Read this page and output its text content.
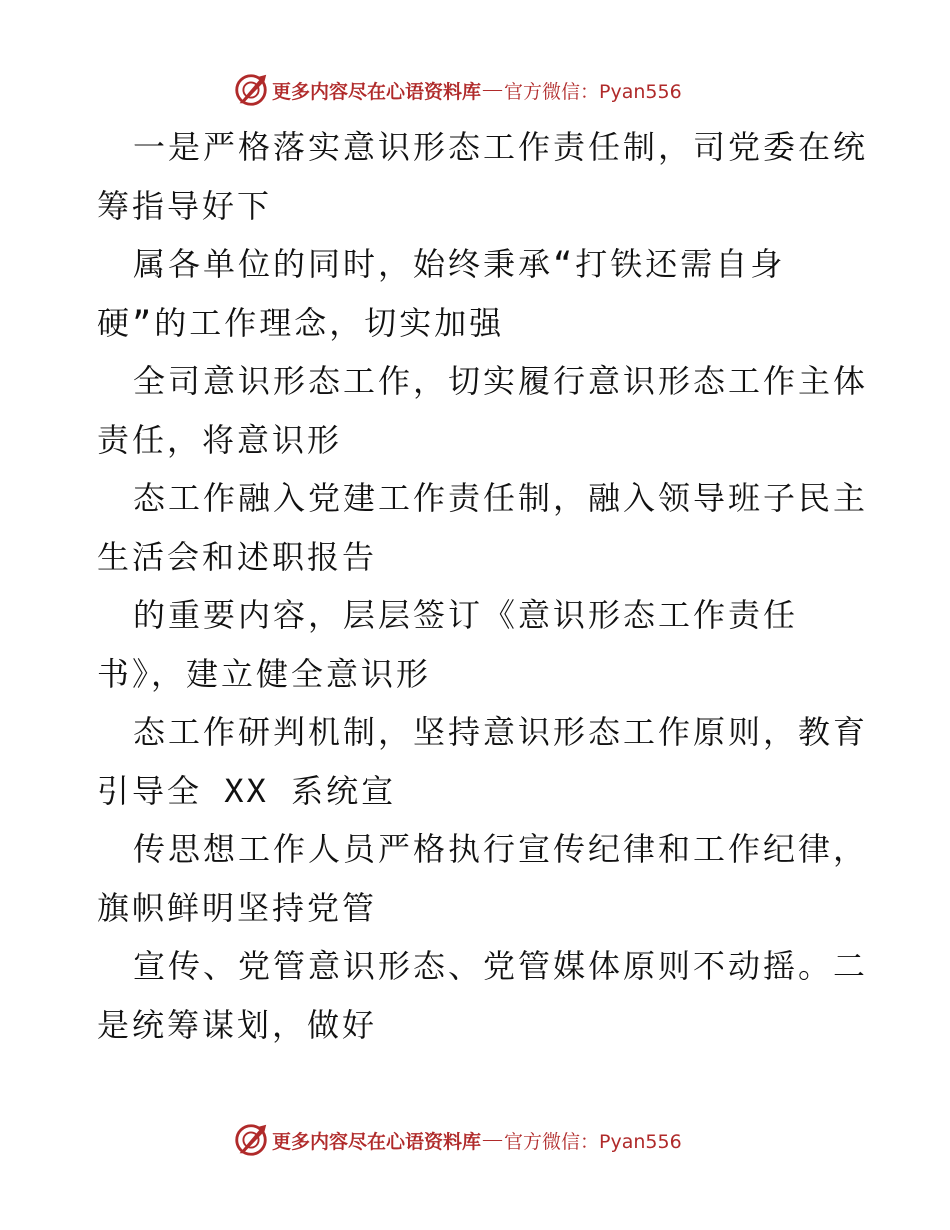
更多内容尽在心语资料库 — 官方微信：Pyan556
一是严格落实意识形态工作责任制，司党委在统
筹指导好下
属各单位的同时，始终秉承“打铁还需自身
硬”的工作理念，切实加强
全司意识形态工作，切实履行意识形态工作主体
责任，将意识形
态工作融入党建工作责任制，融入领导班子民主
生活会和述职报告
的重要内容，层层签订《意识形态工作责任
书》，建立健全意识形
态工作研判机制，坚持意识形态工作原则，教育
引导全 XX 系统宣
传思想工作人员严格执行宣传纪律和工作纪律，
旗帜鲜明坚持党管
宣传、党管意识形态、党管媒体原则不动摇。二
是统筹谋划，做好
更多内容尽在心语资料库 — 官方微信：Pyan556
